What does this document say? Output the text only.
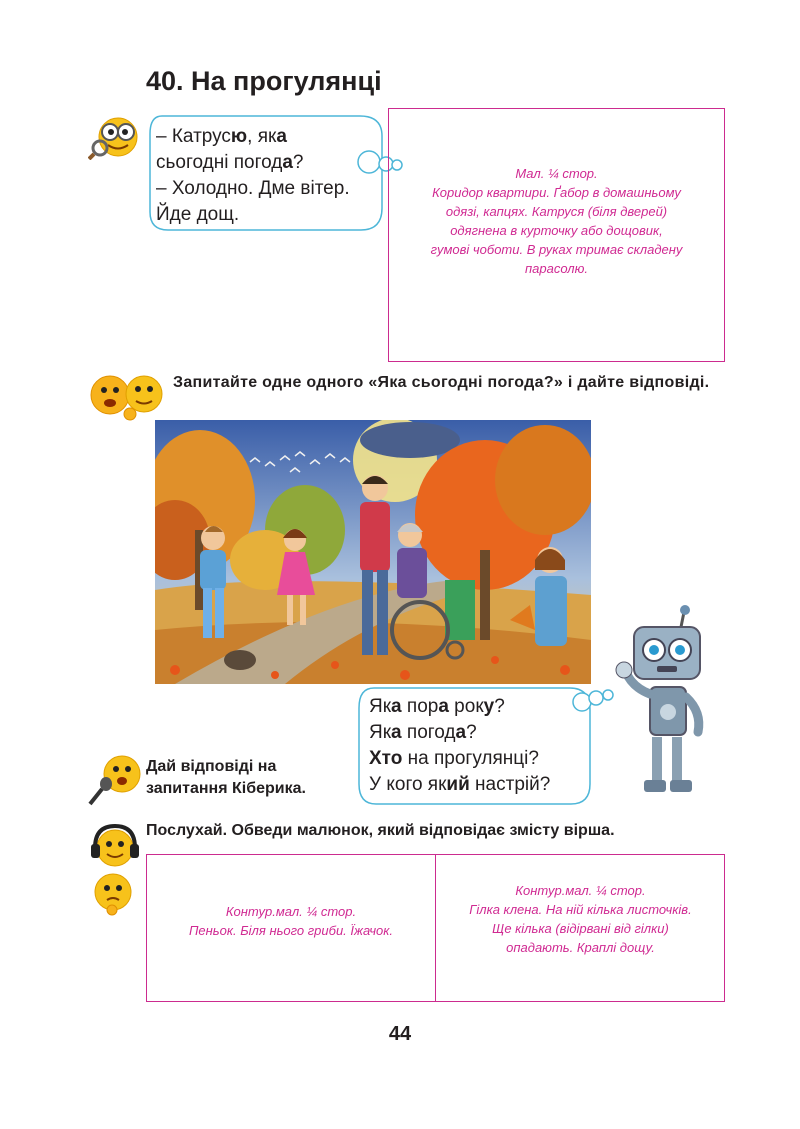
40. На прогулянці
– Катрусю, яка
сьогодні погода?
– Холодно. Дме вітер.
Йде дощ.
Мал. ¼ стор.
Коридор квартири. Ґабор в домашньому
одязі, капцях. Катруся (біля дверей)
одягнена в курточку або дощовик,
гумові чоботи. В руках тримає складену
парасолю.
Запитайте одне одного «Яка сьогодні погода?» і дайте відповіді.
Яка пора року?
Яка погода?
Хто на прогулянці?
У кого який настрій?
Дай відповіді на
запитання Кіберика.
Послухай. Обведи малюнок, який відповідає змісту вірша.
Контур.мал. ¼ стор.
Пеньок. Біля нього гриби. Їжачок.
Контур.мал. ¼ стор.
Гілка клена. На ній кілька листочків.
Ще кілька (відірвані від гілки)
опадають. Краплі дощу.
44
